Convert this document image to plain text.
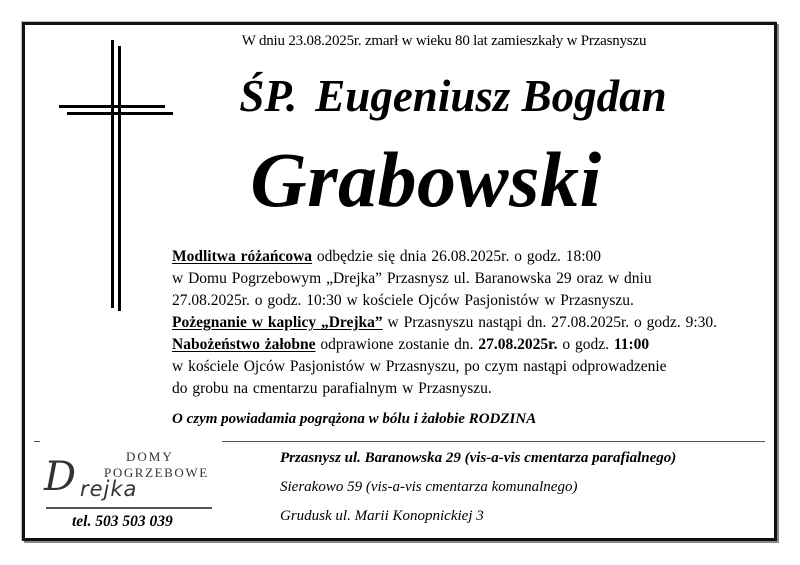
W dniu 23.08.2025r. zmarł w wieku 80 lat zamieszkały w Przasnyszu
ŚP. Eugeniusz Bogdan
Grabowski
Modlitwa różańcowa odbędzie się dnia 26.08.2025r. o godz. 18:00
w Domu Pogrzebowym „Drejka” Przasnysz ul. Baranowska 29 oraz w dniu
27.08.2025r. o godz. 10:30 w kościele Ojców Pasjonistów w Przasnyszu.
Pożegnanie w kaplicy „Drejka” w Przasnyszu nastąpi dn. 27.08.2025r. o godz. 9:30.
Nabożeństwo żałobne odprawione zostanie dn. 27.08.2025r. o godz. 11:00
w kościele Ojców Pasjonistów w Przasnyszu, po czym nastąpi odprowadzenie
do grobu na cmentarzu parafialnym w Przasnyszu.
O czym powiadamia pogrążona w bólu i żałobie RODZINA
DOMY
POGRZEBOWE
D rejka
tel. 503 503 039
Przasnysz ul. Baranowska 29 (vis-a-vis cmentarza parafialnego)
Sierakowo 59 (vis-a-vis cmentarza komunalnego)
Grudusk ul. Marii Konopnickiej 3
